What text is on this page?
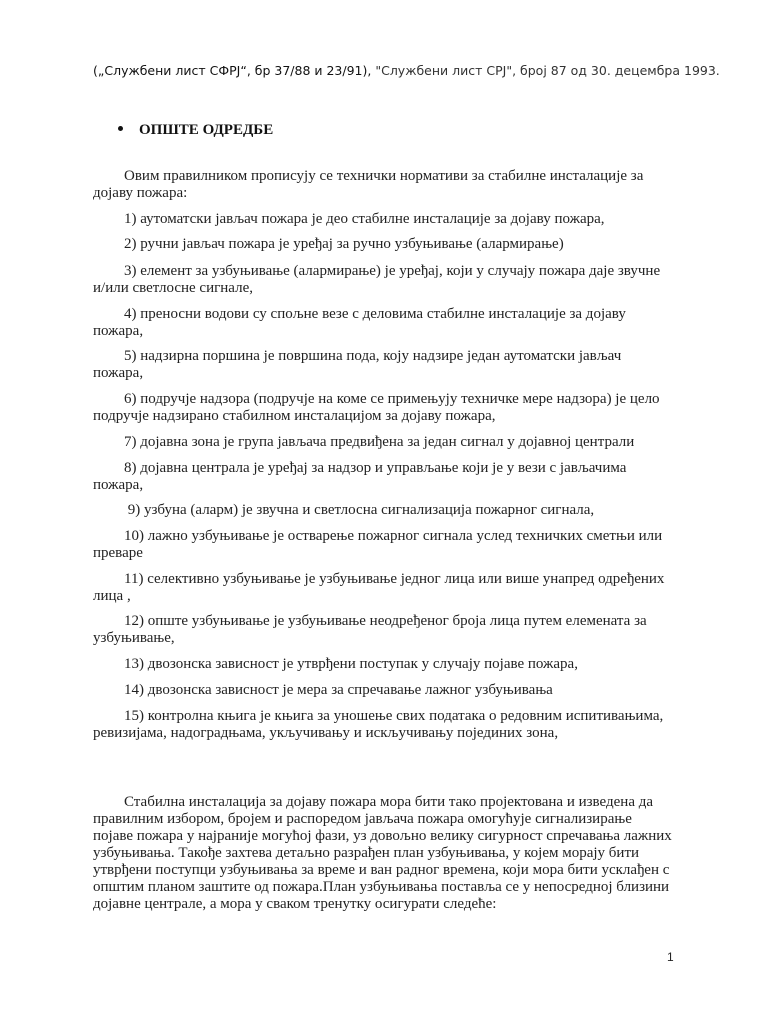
(„Службени лист СФРЈ“, бр 37/88 и 23/91), "Службени лист СРЈ", број 87 од 30. децембра 1993.
ОПШТЕ ОДРЕДБЕ

Овим правилником прописују се технички нормативи за стабилне инсталације за дојаву пожара:

1) аутоматски јављач пожара је део стабилне инсталације за дојаву пожара,

2) ручни јављач пожара је уређај за ручно узбуњивање (алармирање)

3) елемент за узбуњивање (алармирање) је уређај, који у случају пожара даје звучне и/или светлосне сигнале,

4) преносни водови су спољне везе с деловима стабилне инсталације за дојаву пожара,

5) надзирна поршина је површина пода, коју надзире један аутоматски јављач пожара,

6) подручје надзора (подручје на коме се примењују техничке мере надзора) је цело подручје надзирано стабилном инсталацијом за дојаву пожара,

7) дојавна зона је група јављача предвиђена за један сигнал у дојавној централи

8) дојавна централа је уређај за надзор и управљање који је у вези с јављачима пожара,

9) узбуна (аларм) је звучна и светлосна сигнализација пожарног сигнала,

10) лажно узбуњивање је остварење пожарног сигнала услед техничких сметњи или преваре

11) селективно узбуњивање је узбуњивање једног лица или више унапред одређених лица ,

12) опште узбуњивање је узбуњивање неодређеног броја лица путем елемената за узбуњивање,

13) двозонска зависност је утврђени поступак у случају појаве пожара,

14) двозонска зависност је мера за спречавање лажног узбуњивања

15) контролна књига је књига за уношење свих података о редовним испитивањима, ревизијама, надоградњама, укључивању и искључивању појединих зона,

Стабилна инсталација за дојаву пожара мора бити тако пројектована и изведена да правилним избором, бројем и распоредом јављача пожара омогућује сигнализирање појаве пожара у најраније могућој фази, уз довољно велику сигурност спречавања лажних узбуњивања. Такође захтева детаљно разрађен план узбуњивања, у којем морају бити утврђени поступци узбуњивања за време и ван радног времена, који мора бити усклађен с општим планом заштите од пожара.План узбуњивања поставља се у непосредној близини дојавне централе, а мора у сваком тренутку осигурати следеће:

1
